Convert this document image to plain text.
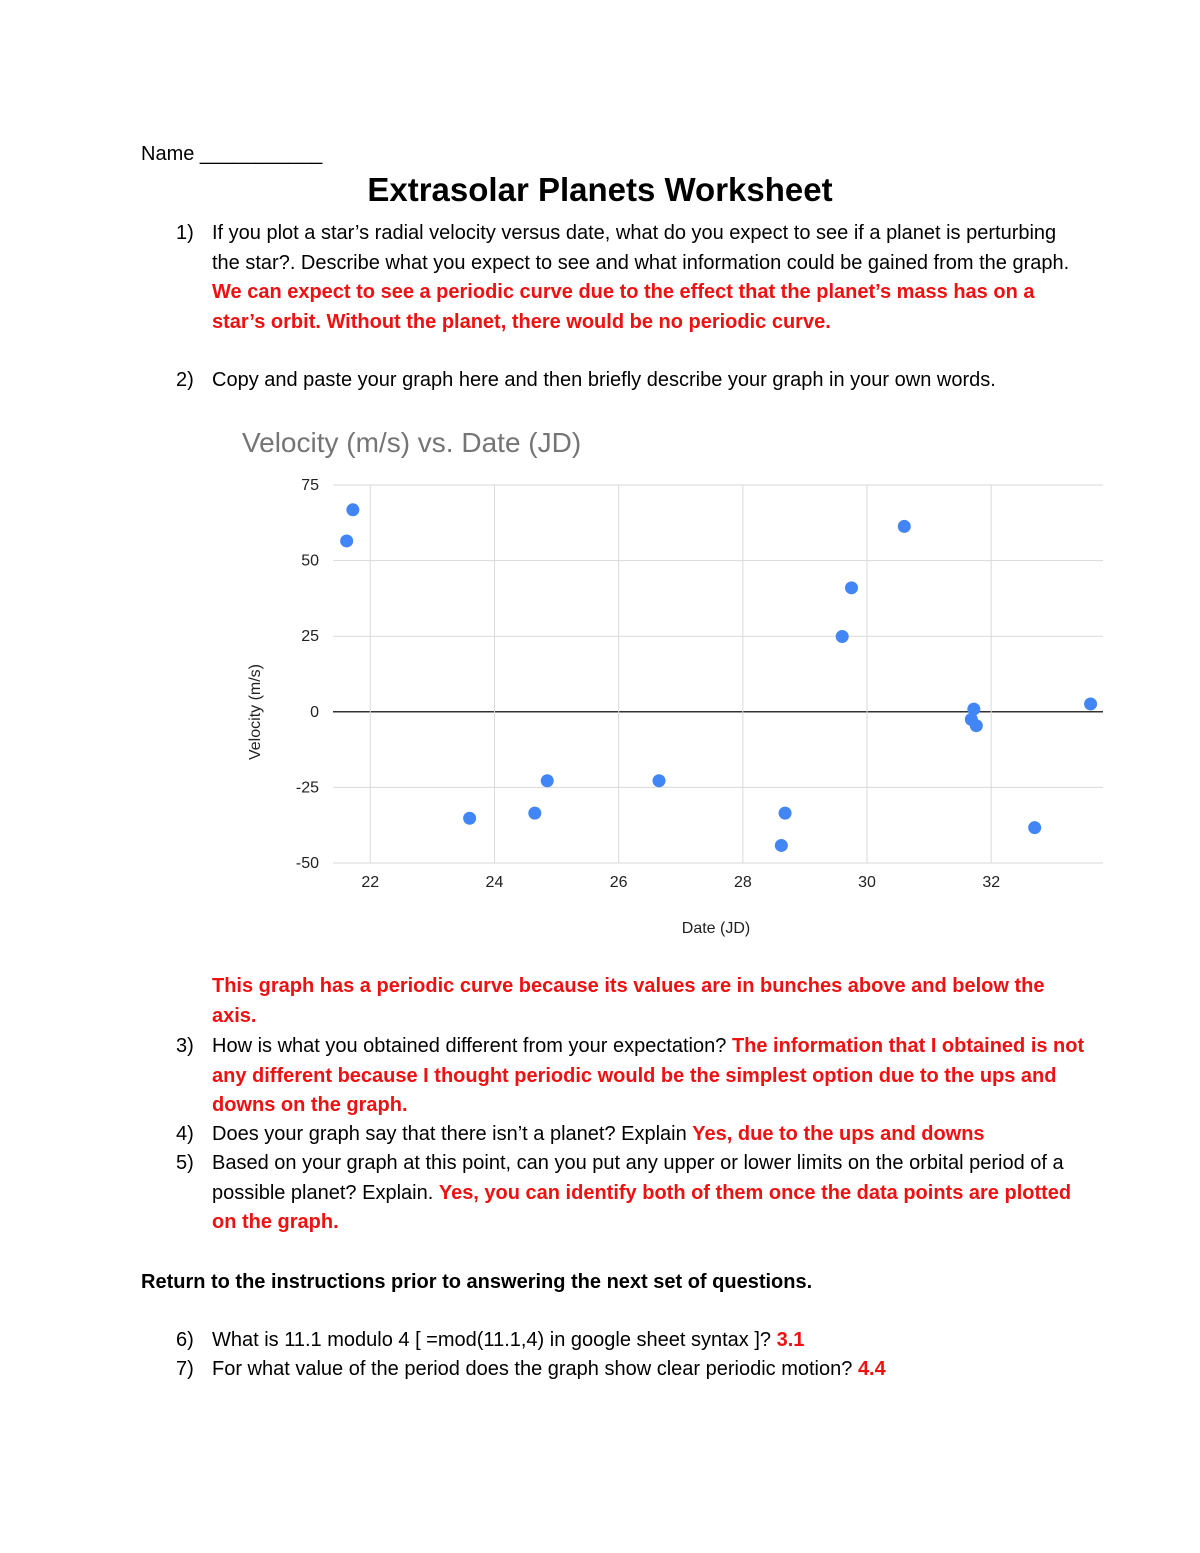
Name ___________
Extrasolar Planets Worksheet
1) If you plot a star’s radial velocity versus date, what do you expect to see if a planet is perturbing the star?. Describe what you expect to see and what information could be gained from the graph. We can expect to see a periodic curve due to the effect that the planet’s mass has on a star’s orbit. Without the planet, there would be no periodic curve.
2) Copy and paste your graph here and then briefly describe your graph in your own words.
Velocity (m/s) vs. Date (JD)
75
50
25
0
-25
-50
22	24	26	28	30	32
Date (JD)
Velocity (m/s)
This graph has a periodic curve because its values are in bunches above and below the axis.
3) How is what you obtained different from your expectation? The information that I obtained is not any different because I thought periodic would be the simplest option due to the ups and downs on the graph.
4) Does your graph say that there isn’t a planet? Explain Yes, due to the ups and downs
5) Based on your graph at this point, can you put any upper or lower limits on the orbital period of a possible planet? Explain. Yes, you can identify both of them once the data points are plotted on the graph.
Return to the instructions prior to answering the next set of questions.
6) What is 11.1 modulo 4 [ =mod(11.1,4) in google sheet syntax ]? 3.1
7) For what value of the period does the graph show clear periodic motion? 4.4
